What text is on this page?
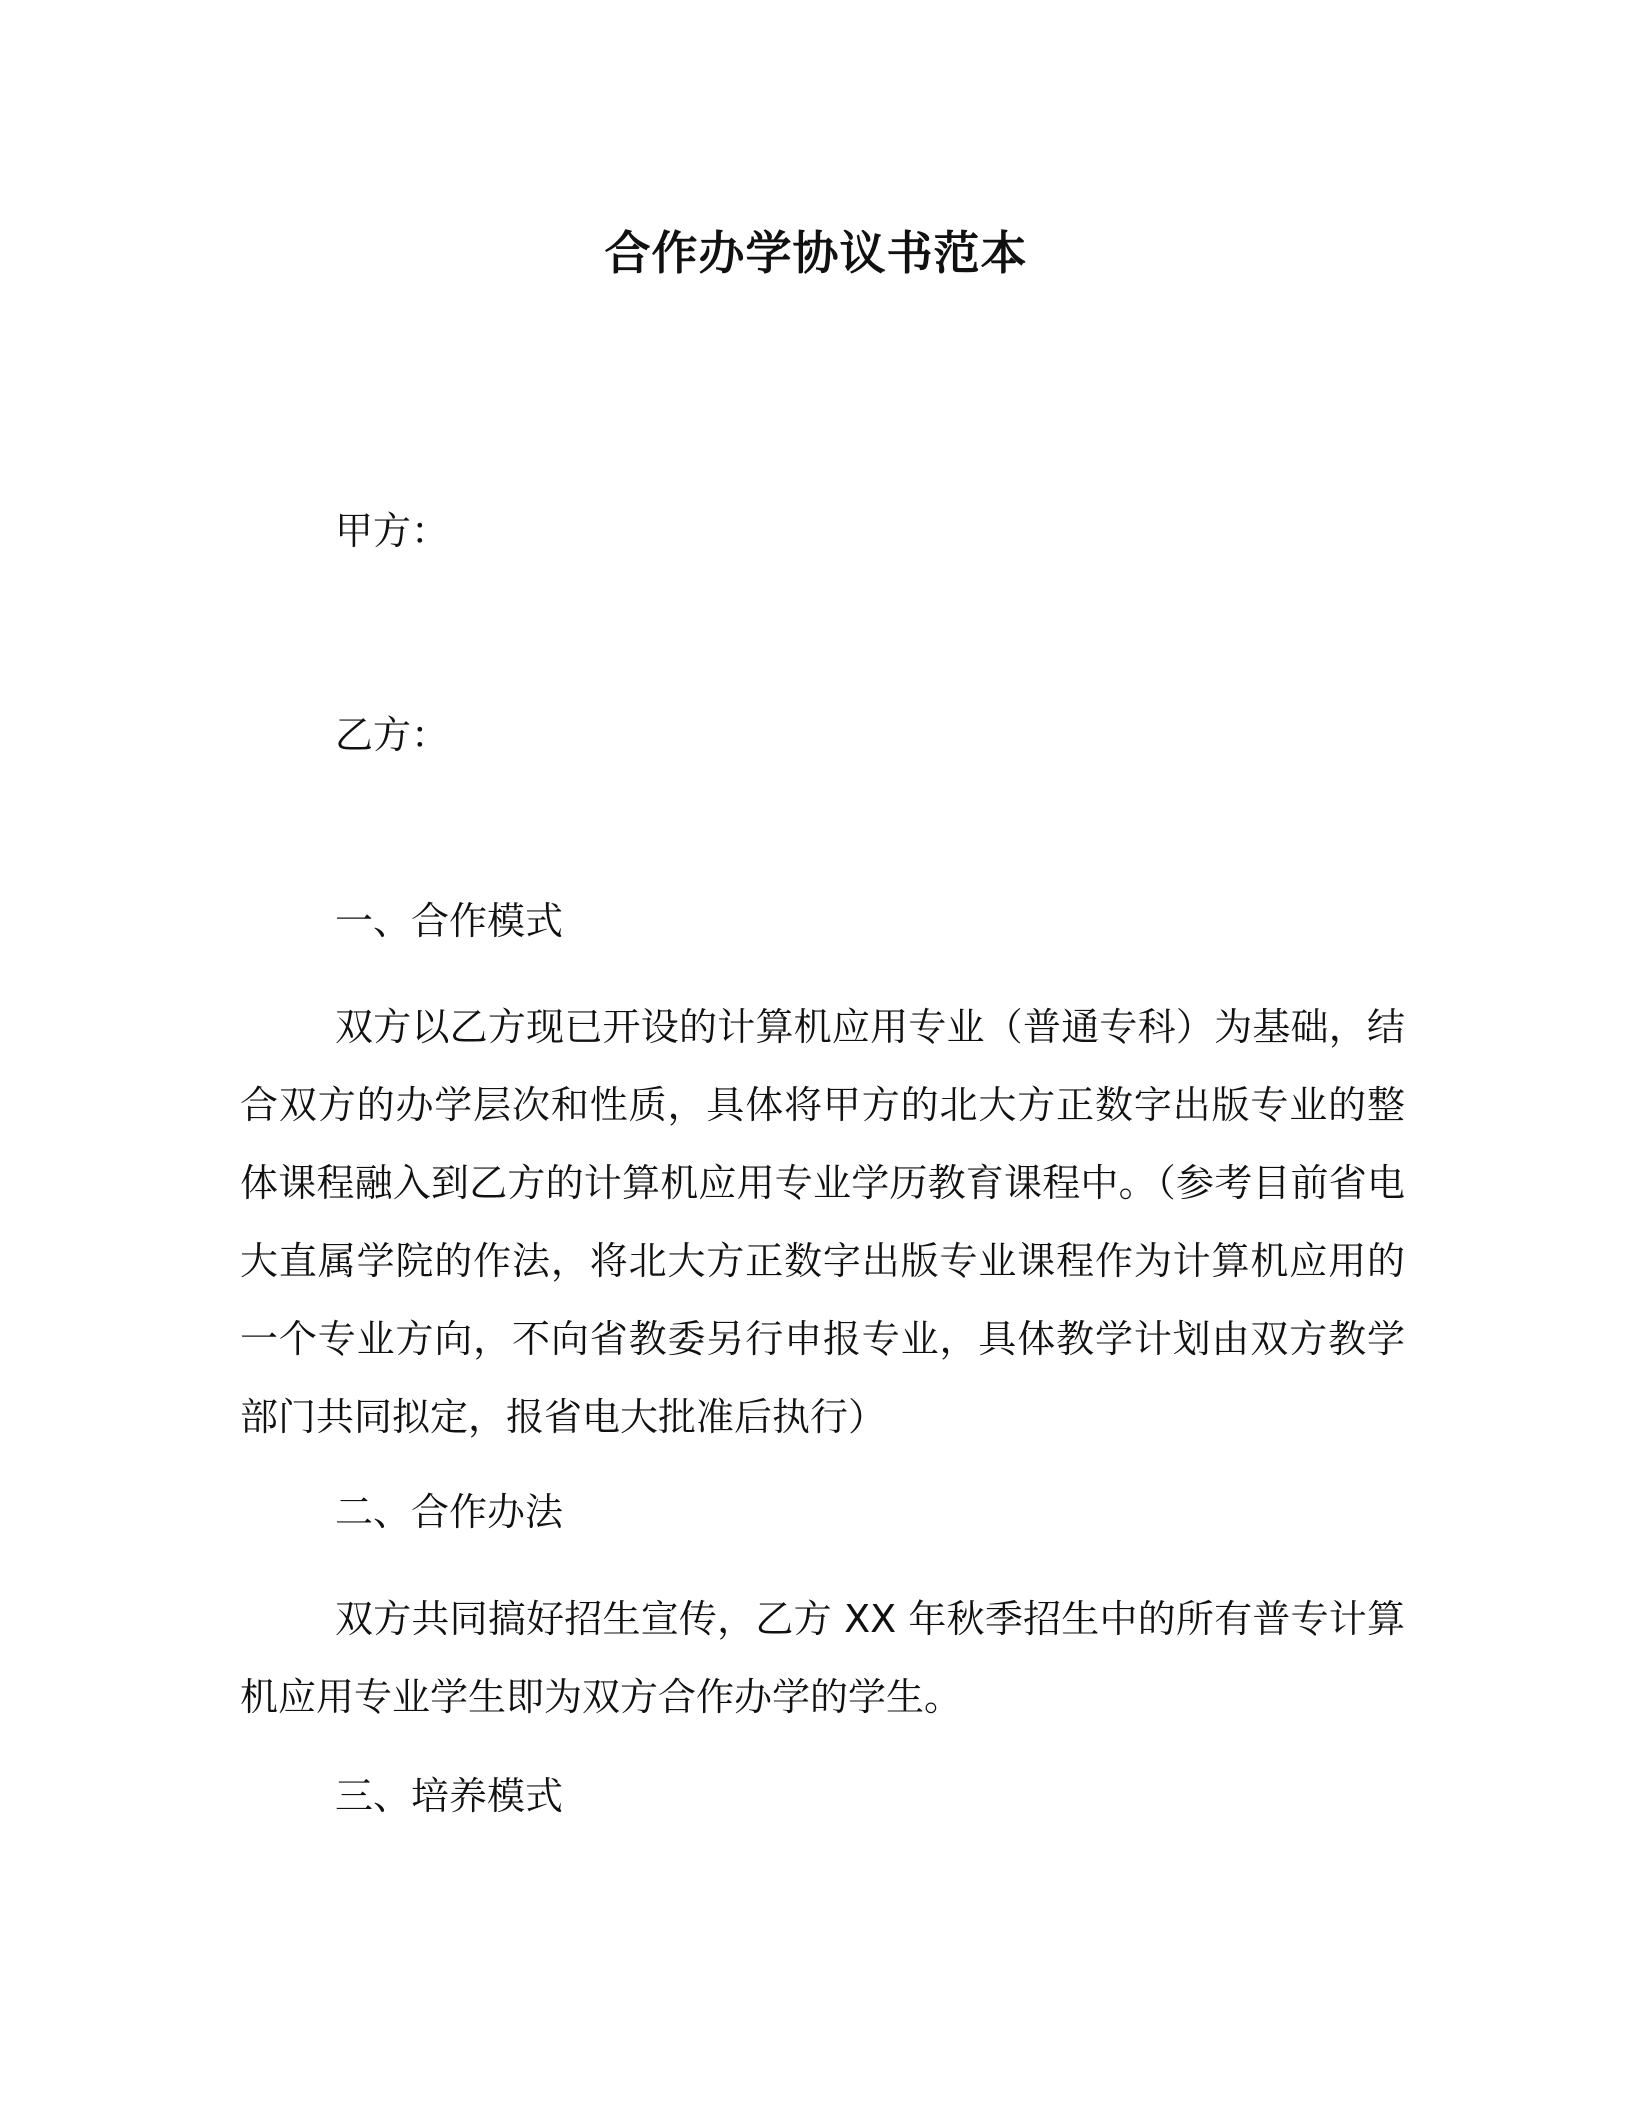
合作办学协议书范本
甲方：
乙方：
一、合作模式
双方以乙方现已开设的计算机应用专业（普通专科）为基础，结合双方的办学层次和性质，具体将甲方的北大方正数字出版专业的整体课程融入到乙方的计算机应用专业学历教育课程中。（参考目前省电大直属学院的作法，将北大方正数字出版专业课程作为计算机应用的一个专业方向，不向省教委另行申报专业，具体教学计划由双方教学部门共同拟定，报省电大批准后执行）
二、合作办法
双方共同搞好招生宣传，乙方 XX 年秋季招生中的所有普专计算机应用专业学生即为双方合作办学的学生。
三、培养模式
